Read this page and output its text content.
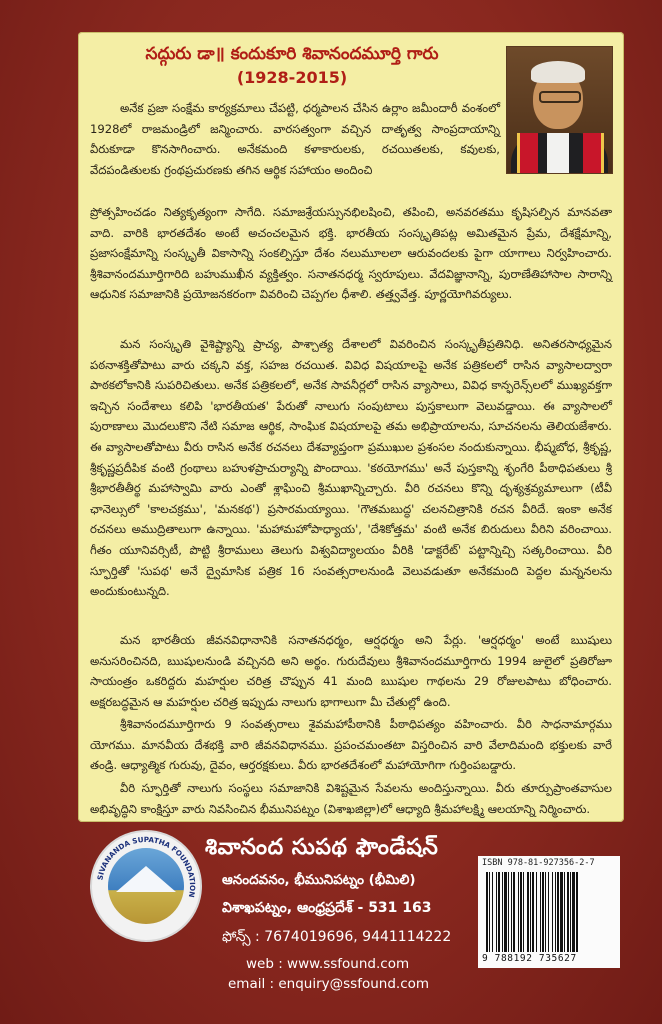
సద్గురు డా॥ కందుకూరి శివానందమూర్తి గారు
(1928-2015)
అనేక ప్రజా సంక్షేమ కార్యక్రమాలు చేపట్టి, ధర్మపాలన చేసిన ఉర్లాం జమీందారీ వంశంలో 1928లో రాజమండ్రిలో జన్మించారు. వారసత్వంగా వచ్చిన దాతృత్వ సాంప్రదాయాన్ని వీరుకూడా కొనసాగించారు. అనేకమంది కళాకారులకు, రచయితలకు, కవులకు, వేదపండితులకు గ్రంథప్రచురణకు తగిన ఆర్థిక సహాయం అందించి
ప్రోత్సహించడం నిత్యకృత్యంగా సాగేది. సమాజశ్రేయస్సునభిలషించి, తపించి, అనవరతము కృషిసల్పిన మానవతా వాది. వారికి భారతదేశం అంటే అచంచలమైన భక్తి. భారతీయ సంస్కృతిపట్ల అమితమైన ప్రేమ, దేశక్షేమాన్ని, ప్రజాసంక్షేమాన్ని సంస్కృతీ వికాసాన్ని సంకల్పిస్తూ దేశం నలుమూలలా ఆరువందలకు పైగా యాగాలు నిర్వహించారు. శ్రీశివానందమూర్తిగారిది బహుముఖీన వ్యక్తిత్వం. సనాతనధర్మ స్వరూపులు. వేదవిజ్ఞానాన్ని, పురాణేతిహాసాల సారాన్ని ఆధునిక సమాజానికి ప్రయోజనకరంగా వివరించి చెప్పగల ధీశాలి. తత్త్వవేత్త. పూర్ణయోగివర్యులు.
మన సంస్కృతి వైశిష్ట్యాన్ని ప్రాచ్య, పాశ్చాత్య దేశాలలో వివరించిన సంస్కృతీప్రతినిధి. అనితరసాధ్యమైన పఠనాశక్తితోపాటు వారు చక్కని వక్త, సహజ రచయిత. వివిధ విషయాలపై అనేక పత్రికలలో రాసిన వ్యాసాలద్వారా పాఠకలోకానికి సుపరిచితులు. అనేక పత్రికలలో, అనేక సావనీర్లలో రాసిన వ్యాసాలు, వివిధ కాన్ఫరెన్స్‌లలో ముఖ్యవక్తగా ఇచ్చిన సందేశాలు కలిపి 'భారతీయత' పేరుతో నాలుగు సంపుటాలు పుస్తకాలుగా వెలువడ్డాయి. ఈ వ్యాసాలలో పురాణాలు మొదలుకొని నేటి సమాజ ఆర్థిక, సాంఘిక విషయాలపై తమ అభిప్రాయాలను, సూచనలను తెలియజేశారు. ఈ వ్యాసాలతోపాటు వీరు రాసిన అనేక రచనలు దేశవ్యాప్తంగా ప్రముఖుల ప్రశంసల నందుకున్నాయి. భీష్మబోధ, శ్రీకృష్ణ, శ్రీకృష్ణప్రదీపిక వంటి గ్రంథాలు బహుళప్రాచుర్యాన్ని పొందాయి. 'కఠయోగము' అనే పుస్తకాన్ని శృంగేరి పీఠాధిపతులు శ్రీ శ్రీభారతీతీర్థ మహాస్వామి వారు ఎంతో శ్లాఘించి శ్రీముఖాన్నిచ్చారు. వీరి రచనలు కొన్ని దృశ్యశ్రవ్యమాలుగా (టీవీ ఛానెల్సులో 'కాలచక్రము', 'మనకథ') ప్రసారమయ్యాయి. 'గౌతమబుద్ధ' చలనచిత్రానికి రచన వీరిదే. ఇంకా అనేక రచనలు అముద్రితాలుగా ఉన్నాయి. 'మహామహోపాధ్యాయ', 'దేశికోత్తమ' వంటి అనేక బిరుదులు వీరిని వరించాయి. గీతం యూనివర్సిటీ, పొట్టి శ్రీరాములు తెలుగు విశ్వవిద్యాలయం వీరికి 'డాక్టరేట్' పట్టాన్నిచ్చి సత్కరించాయి. వీరి స్ఫూర్తితో 'సుపథ' అనే ద్వైమాసిక పత్రిక 16 సంవత్సరాలనుండి వెలువడుతూ అనేకమంది పెద్దల మన్ననలను అందుకుంటున్నది.
మన భారతీయ జీవనవిధానానికి సనాతనధర్మం, ఆర్షధర్మం అని పేర్లు. 'ఆర్షధర్మం' అంటే ఋషులు అనుసరించినది, ఋషులనుండి వచ్చినది అని అర్థం. గురుదేవులు శ్రీశివానందమూర్తిగారు 1994 జులైలో ప్రతిరోజూ సాయంత్రం ఒకరిద్దరు మహర్షుల చరిత్ర చొప్పున 41 మంది ఋషుల గాథలను 29 రోజులపాటు బోధించారు. అక్షరబద్ధమైన ఆ మహర్షుల చరిత్ర ఇప్పుడు నాలుగు భాగాలుగా మీ చేతుల్లో ఉంది.
శ్రీశివానందమూర్తిగారు 9 సంవత్సరాలు శైవమహాపీఠానికి పీఠాధిపత్యం వహించారు. వీరి సాధనామార్గము యోగము. మానవీయ దేశభక్తి వారి జీవనవిధానము. ప్రపంచమంతటా విస్తరించిన వారి వేలాదిమంది భక్తులకు వారే తండ్రి. ఆధ్యాత్మిక గురువు, దైవం, ఆర్తరక్షకులు. వీరు భారతదేశంలో మహాయోగిగా గుర్తింపబడ్డారు.
వీరి స్ఫూర్తితో నాలుగు సంస్థలు సమాజానికి విశిష్టమైన సేవలను అందిస్తున్నాయి. వీరు తూర్పుప్రాంతవాసుల అభివృద్ధిని కాంక్షిస్తూ వారు నివసించిన భీమునిపట్నం (విశాఖజిల్లా)లో ఆధ్యాది శ్రీమహాలక్ష్మి ఆలయాన్ని నిర్మించారు.
SIVANANDA SUPATHA FOUNDATION
శివానంద సుపథ ఫౌండేషన్
ఆనందవనం, భీమునిపట్నం (భీమిలి)
విశాఖపట్నం, ఆంధ్రప్రదేశ్ - 531 163
ఫోన్స్ : 7674019696, 9441114222
web : www.ssfound.com
email : enquiry@ssfound.com
ISBN 978-81-927356-2-7
9 788192 735627
